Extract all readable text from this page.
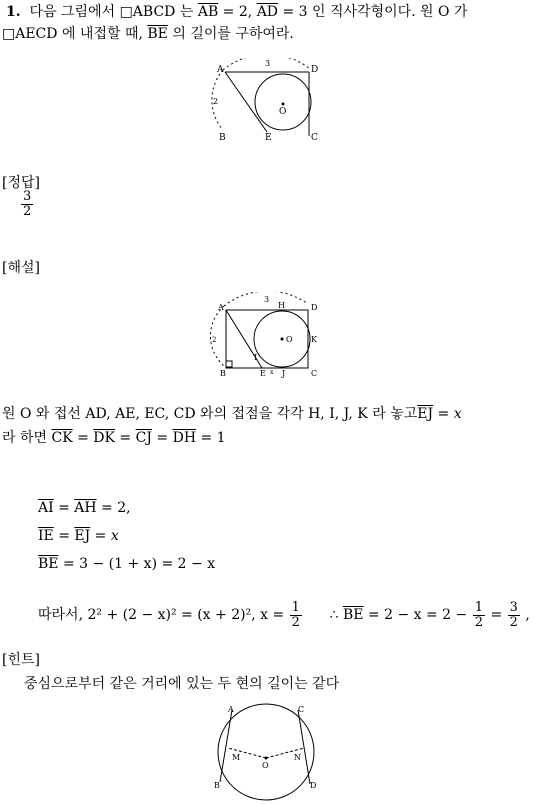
1. 다음 그림에서 □ABCD 는 $\overline{AB} = 2$, $\overline{AD} = 3$ 인 직사각형이다. 원 O 가
□AECD 에 내접할 때, $\overline{BE}$ 의 길이를 구하여라.
A	D
B	E	C
O
3
2
[정답]
$\frac{3}{2}$
[해설]
A	H	D
O K
I
B	E x J	C
3
2
원 O 와 접선 AD, AE, EC, CD 와의 접점을 각각 H, I, J, K 라 놓고$\overline{EJ} = x$
라 하면 $\overline{CK} = \overline{DK} = \overline{CJ} = \overline{DH} = 1$
$\overline{AI} = \overline{AH} = 2$,
$\overline{IE} = \overline{EJ} = x$
$\overline{BE} = 3 - (1 + x) = 2 - x$
따라서, 2² + (2 − x)² = (x + 2)², $x = \frac{1}{2}$ ∴ $\overline{BE} = 2 - x = 2 - \frac{1}{2} = \frac{3}{2}$ ,
[힌트]
중심으로부터 같은 거리에 있는 두 현의 길이는 같다
A	C
M
O
N
B	D
